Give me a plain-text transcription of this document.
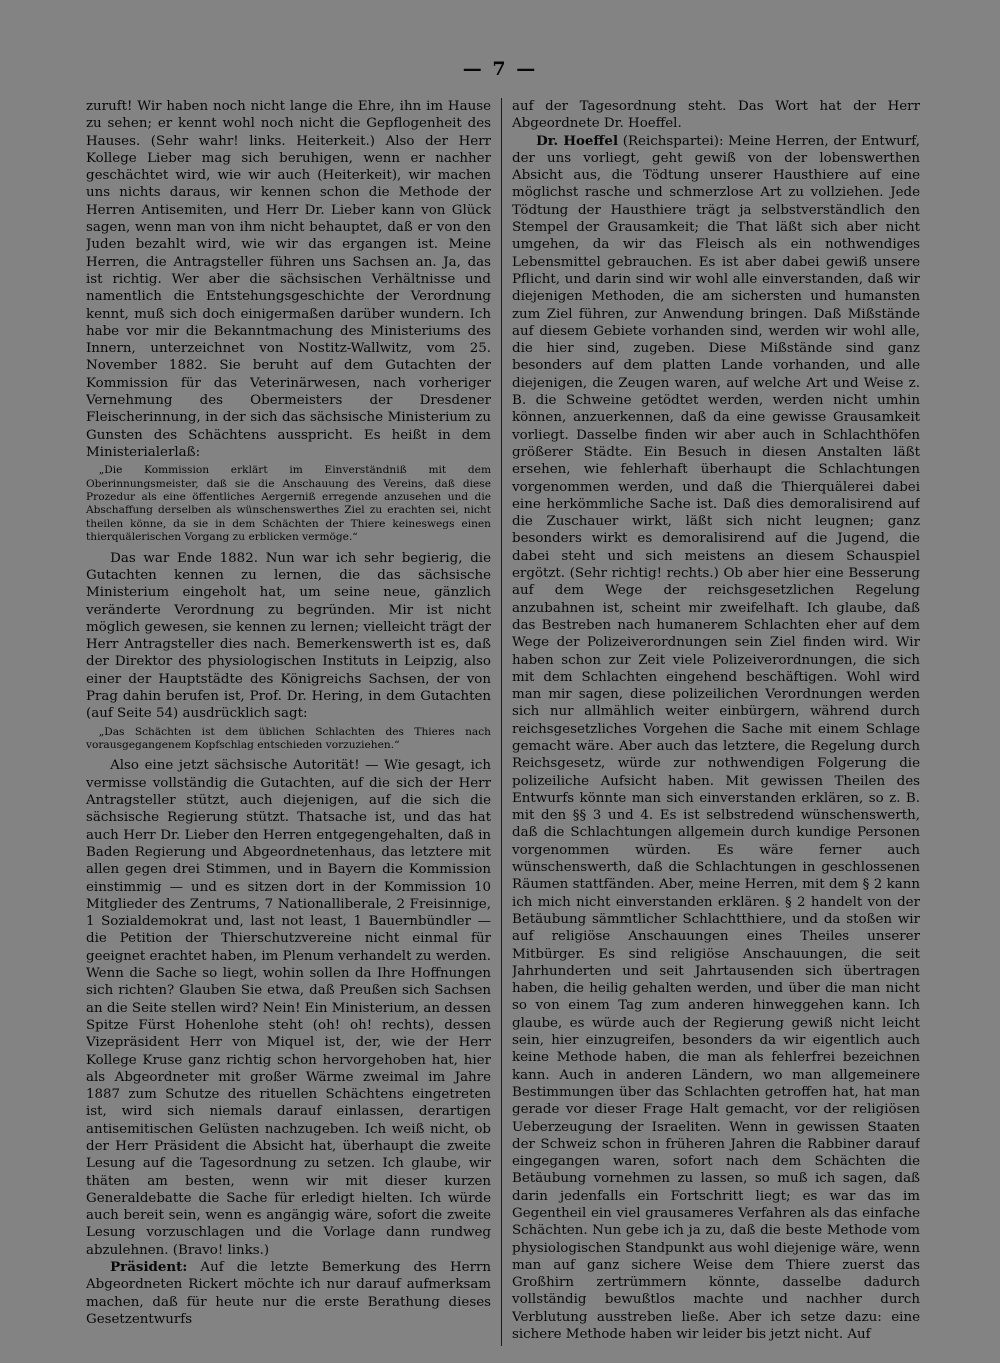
— 7 —

zuruft! Wir haben noch nicht lange die Ehre, ihn im Hause zu sehen; er kennt wohl noch nicht die Gepflogenheit des Hauses. (Sehr wahr! links. Heiterkeit.) Also der Herr Kollege Lieber mag sich beruhigen, wenn er nachher geschächtet wird, wie wir auch (Heiterkeit), wir machen uns nichts daraus, wir kennen schon die Methode der Herren Antisemiten, und Herr Dr. Lieber kann von Glück sagen, wenn man von ihm nicht behauptet, daß er von den Juden bezahlt wird, wie wir das ergangen ist. Meine Herren, die Antragsteller führen uns Sachsen an. Ja, das ist richtig. Wer aber die sächsischen Verhältnisse und namentlich die Entstehungsgeschichte der Verordnung kennt, muß sich doch einigermaßen darüber wundern. Ich habe vor mir die Bekanntmachung des Ministeriums des Innern, unterzeichnet von Nostitz-Wallwitz, vom 25. November 1882. Sie beruht auf dem Gutachten der Kommission für das Veterinärwesen, nach vorheriger Vernehmung des Obermeisters der Dresdener Fleischerinnung, in der sich das sächsische Ministerium zu Gunsten des Schächtens ausspricht. Es heißt in dem Ministerialerlaß:

„Die Kommission erklärt im Einverständniß mit dem Oberinnungsmeister, daß sie die Anschauung des Vereins, daß diese Prozedur als eine öffentliches Aergerniß erregende anzusehen und die Abschaffung derselben als wünschenswerthes Ziel zu erachten sei, nicht theilen könne, da sie in dem Schächten der Thiere keineswegs einen thierquälerischen Vorgang zu erblicken vermöge.“

Das war Ende 1882. Nun war ich sehr begierig, die Gutachten kennen zu lernen, die das sächsische Ministerium eingeholt hat, um seine neue, gänzlich veränderte Verordnung zu begründen. Mir ist nicht möglich gewesen, sie kennen zu lernen; vielleicht trägt der Herr Antragsteller dies nach. Bemerkenswerth ist es, daß der Direktor des physiologischen Instituts in Leipzig, also einer der Hauptstädte des Königreichs Sachsen, der von Prag dahin berufen ist, Prof. Dr. Hering, in dem Gutachten (auf Seite 54) ausdrücklich sagt:

„Das Schächten ist dem üblichen Schlachten des Thieres nach vorausgegangenem Kopfschlag entschieden vorzuziehen.“

Also eine jetzt sächsische Autorität! — Wie gesagt, ich vermisse vollständig die Gutachten, auf die sich der Herr Antragsteller stützt, auch diejenigen, auf die sich die sächsische Regierung stützt. Thatsache ist, und das hat auch Herr Dr. Lieber den Herren entgegengehalten, daß in Baden Regierung und Abgeordnetenhaus, das letztere mit allen gegen drei Stimmen, und in Bayern die Kommission einstimmig — und es sitzen dort in der Kommission 10 Mitglieder des Zentrums, 7 Nationalliberale, 2 Freisinnige, 1 Sozialdemokrat und, last not least, 1 Bauernbündler — die Petition der Thierschutzvereine nicht einmal für geeignet erachtet haben, im Plenum verhandelt zu werden. Wenn die Sache so liegt, wohin sollen da Ihre Hoffnungen sich richten? Glauben Sie etwa, daß Preußen sich Sachsen an die Seite stellen wird? Nein! Ein Ministerium, an dessen Spitze Fürst Hohenlohe steht (oh! oh! rechts), dessen Vizepräsident Herr von Miquel ist, der, wie der Herr Kollege Kruse ganz richtig schon hervorgehoben hat, hier als Abgeordneter mit großer Wärme zweimal im Jahre 1887 zum Schutze des rituellen Schächtens eingetreten ist, wird sich niemals darauf einlassen, derartigen antisemitischen Gelüsten nachzugeben. Ich weiß nicht, ob der Herr Präsident die Absicht hat, überhaupt die zweite Lesung auf die Tagesordnung zu setzen. Ich glaube, wir thäten am besten, wenn wir mit dieser kurzen Generaldebatte die Sache für erledigt hielten. Ich würde auch bereit sein, wenn es angängig wäre, sofort die zweite Lesung vorzuschlagen und die Vorlage dann rundweg abzulehnen. (Bravo! links.)

Präsident: Auf die letzte Bemerkung des Herrn Abgeordneten Rickert möchte ich nur darauf aufmerksam machen, daß für heute nur die erste Berathung dieses Gesetzentwurfs

auf der Tagesordnung steht. Das Wort hat der Herr Abgeordnete Dr. Hoeffel.

Dr. Hoeffel (Reichspartei): Meine Herren, der Entwurf, der uns vorliegt, geht gewiß von der lobenswerthen Absicht aus, die Tödtung unserer Hausthiere auf eine möglichst rasche und schmerzlose Art zu vollziehen. Jede Tödtung der Hausthiere trägt ja selbstverständlich den Stempel der Grausamkeit; die That läßt sich aber nicht umgehen, da wir das Fleisch als ein nothwendiges Lebensmittel gebrauchen. Es ist aber dabei gewiß unsere Pflicht, und darin sind wir wohl alle einverstanden, daß wir diejenigen Methoden, die am sichersten und humansten zum Ziel führen, zur Anwendung bringen. Daß Mißstände auf diesem Gebiete vorhanden sind, werden wir wohl alle, die hier sind, zugeben. Diese Mißstände sind ganz besonders auf dem platten Lande vorhanden, und alle diejenigen, die Zeugen waren, auf welche Art und Weise z. B. die Schweine getödtet werden, werden nicht umhin können, anzuerkennen, daß da eine gewisse Grausamkeit vorliegt. Dasselbe finden wir aber auch in Schlachthöfen größerer Städte. Ein Besuch in diesen Anstalten läßt ersehen, wie fehlerhaft überhaupt die Schlachtungen vorgenommen werden, und daß die Thierquälerei dabei eine herkömmliche Sache ist. Daß dies demoralisirend auf die Zuschauer wirkt, läßt sich nicht leugnen; ganz besonders wirkt es demoralisirend auf die Jugend, die dabei steht und sich meistens an diesem Schauspiel ergötzt. (Sehr richtig! rechts.) Ob aber hier eine Besserung auf dem Wege der reichsgesetzlichen Regelung anzubahnen ist, scheint mir zweifelhaft. Ich glaube, daß das Bestreben nach humanerem Schlachten eher auf dem Wege der Polizeiverordnungen sein Ziel finden wird. Wir haben schon zur Zeit viele Polizeiverordnungen, die sich mit dem Schlachten eingehend beschäftigen. Wohl wird man mir sagen, diese polizeilichen Verordnungen werden sich nur allmählich weiter einbürgern, während durch reichsgesetzliches Vorgehen die Sache mit einem Schlage gemacht wäre. Aber auch das letztere, die Regelung durch Reichsgesetz, würde zur nothwendigen Folgerung die polizeiliche Aufsicht haben. Mit gewissen Theilen des Entwurfs könnte man sich einverstanden erklären, so z. B. mit den §§ 3 und 4. Es ist selbstredend wünschenswerth, daß die Schlachtungen allgemein durch kundige Personen vorgenommen würden. Es wäre ferner auch wünschenswerth, daß die Schlachtungen in geschlossenen Räumen stattfänden. Aber, meine Herren, mit dem § 2 kann ich mich nicht einverstanden erklären. § 2 handelt von der Betäubung sämmtlicher Schlachtthiere, und da stoßen wir auf religiöse Anschauungen eines Theiles unserer Mitbürger. Es sind religiöse Anschauungen, die seit Jahrhunderten und seit Jahrtausenden sich übertragen haben, die heilig gehalten werden, und über die man nicht so von einem Tag zum anderen hinweggehen kann. Ich glaube, es würde auch der Regierung gewiß nicht leicht sein, hier einzugreifen, besonders da wir eigentlich auch keine Methode haben, die man als fehlerfrei bezeichnen kann. Auch in anderen Ländern, wo man allgemeinere Bestimmungen über das Schlachten getroffen hat, hat man gerade vor dieser Frage Halt gemacht, vor der religiösen Ueberzeugung der Israeliten. Wenn in gewissen Staaten der Schweiz schon in früheren Jahren die Rabbiner darauf eingegangen waren, sofort nach dem Schächten die Betäubung vornehmen zu lassen, so muß ich sagen, daß darin jedenfalls ein Fortschritt liegt; es war das im Gegentheil ein viel grausameres Verfahren als das einfache Schächten. Nun gebe ich ja zu, daß die beste Methode vom physiologischen Standpunkt aus wohl diejenige wäre, wenn man auf ganz sichere Weise dem Thiere zuerst das Großhirn zertrümmern könnte, dasselbe dadurch vollständig bewußtlos machte und nachher durch Verblutung ausstreben ließe. Aber ich setze dazu: eine sichere Methode haben wir leider bis jetzt nicht. Auf
